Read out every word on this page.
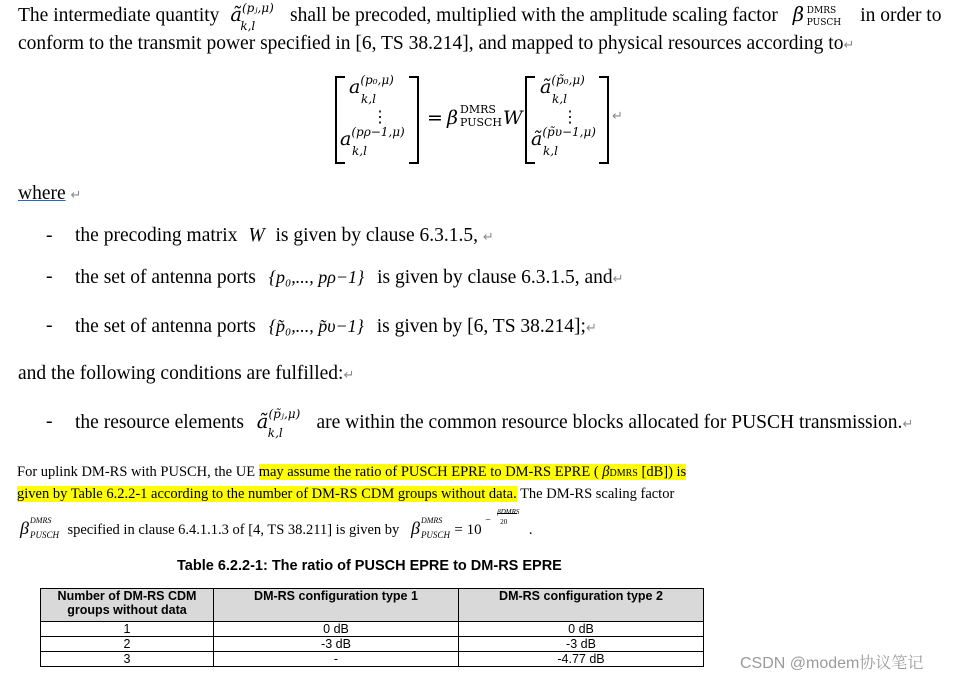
The intermediate quantity $ã^{(pⱼ,\mu)}$
k,l shall be precoded, multiplied with the amplitude scaling factor β DMRS
PUSCH in order to
conform to the transmit power specified in [6, TS 38.214], and mapped to physical resources according to↵
$a^{(p_0,\mu)}$
k,l
⋮
$a^{(p\rho-1,\mu)}$
k,l
= β DMRS
PUSCH W
$ã^{(p̃_0,\mu)}$
k,l
⋮
$ã^{(p̃\upsilon-1,\mu)}$
k,l
↵
where ↵
- the precoding matrix W is given by clause 6.3.1.5, ↵
- the set of antenna ports {p₀,..., pρ−1} is given by clause 6.3.1.5, and↵
- the set of antenna ports {p̃₀,..., p̃υ−1} is given by [6, TS 38.214];↵
and the following conditions are fulfilled:↵
- the resource elements $ã^{(p̃ⱼ,\mu)}$
k,l are within the common resource blocks allocated for PUSCH transmission.↵
For uplink DM-RS with PUSCH, the UE may assume the ratio of PUSCH EPRE to DM-RS EPRE ( βDMRS [dB]) is
given by Table 6.2.2-1 according to the number of DM-RS CDM groups without data. The DM-RS scaling factor
β DMRS
PUSCH specified in clause 6.4.1.1.3 of [4, TS 38.211] is given by β DMRS
PUSCH = 10
−
βDMRS
20 .
Table 6.2.2-1: The ratio of PUSCH EPRE to DM-RS EPRE
Number of DM-RS CDM groups without data	DM-RS configuration type 1	DM-RS configuration type 2
1	0 dB	0 dB
2	-3 dB	-3 dB
3	-	-4.77 dB	CSDN @modem协议笔记
